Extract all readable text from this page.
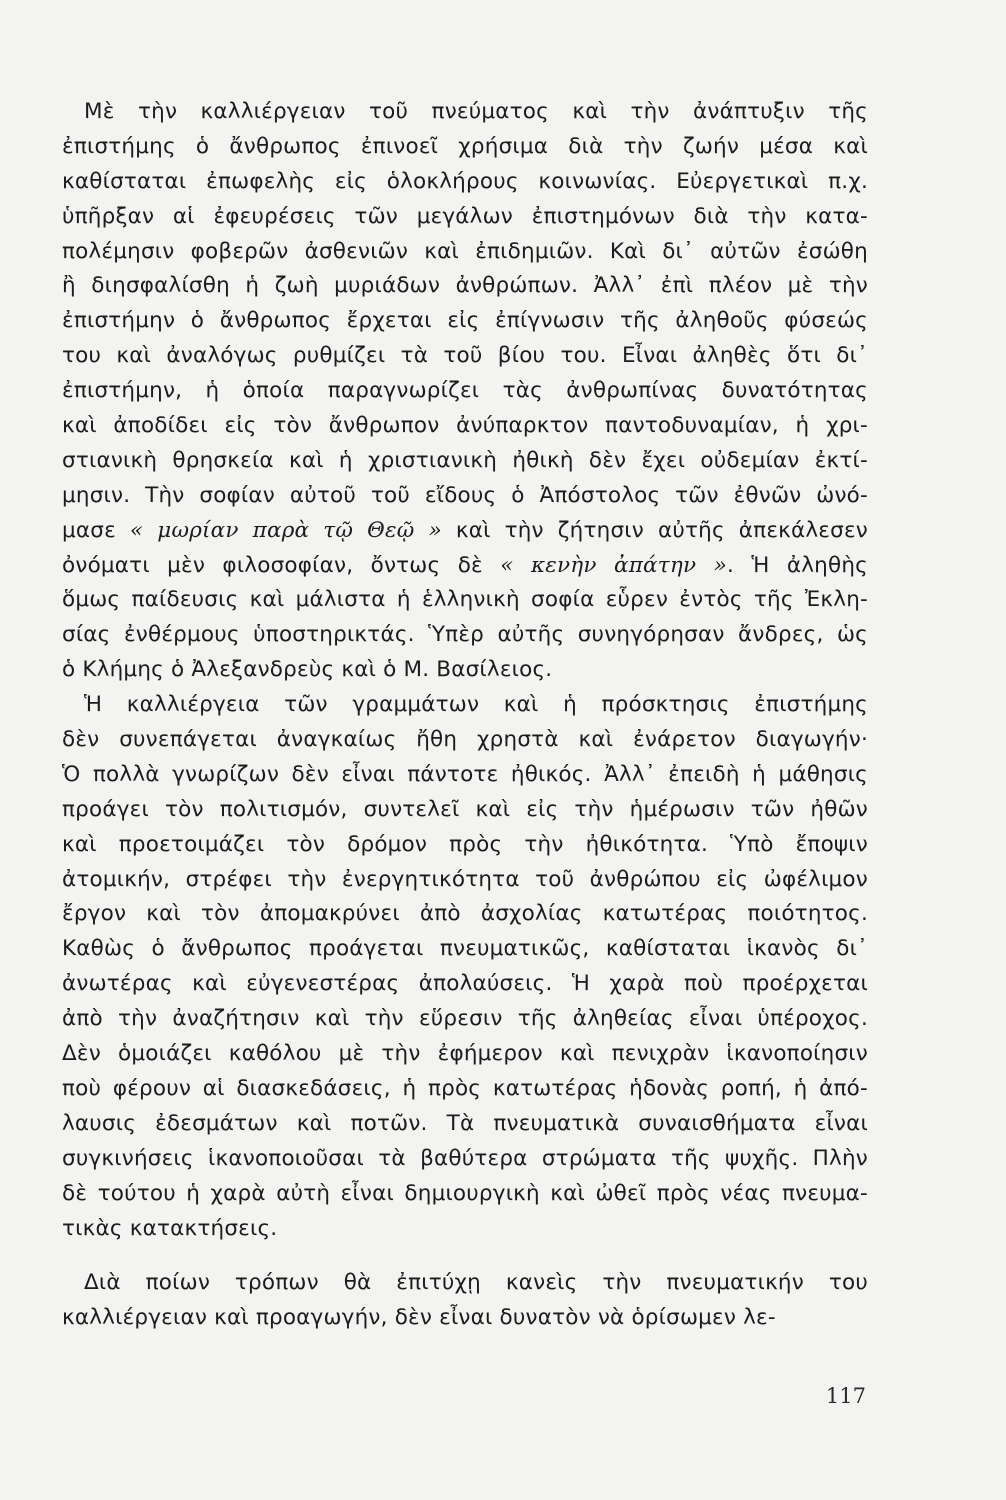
Μὲ τὴν καλλιέργειαν τοῦ πνεύματος καὶ τὴν ἀνάπτυξιν τῆς
ἐπιστήμης ὁ ἄνθρωπος ἐπινοεῖ χρήσιμα διὰ τὴν ζωήν μέσα καὶ
καθίσταται ἐπωφελὴς εἰς ὁλοκλήρους κοινωνίας. Εὐεργετικαὶ π.χ.
ὑπῆρξαν αἱ ἐφευρέσεις τῶν μεγάλων ἐπιστημόνων διὰ τὴν κατα-
πολέμησιν φοβερῶν ἀσθενιῶν καὶ ἐπιδημιῶν. Καὶ δι᾽ αὐτῶν ἐσώθη
ἢ διησφαλίσθη ἡ ζωὴ μυριάδων ἀνθρώπων. Ἀλλ᾽ ἐπὶ πλέον μὲ τὴν
ἐπιστήμην ὁ ἄνθρωπος ἔρχεται εἰς ἐπίγνωσιν τῆς ἀληθοῦς φύσεώς
του καὶ ἀναλόγως ρυθμίζει τὰ τοῦ βίου του. Εἶναι ἀληθὲς ὅτι δι᾽
ἐπιστήμην, ἡ ὁποία παραγνωρίζει τὰς ἀνθρωπίνας δυνατότητας
καὶ ἀποδίδει εἰς τὸν ἄνθρωπον ἀνύπαρκτον παντοδυναμίαν, ἡ χρι-
στιανικὴ θρησκεία καὶ ἡ χριστιανικὴ ἠθικὴ δὲν ἔχει οὐδεμίαν ἐκτί-
μησιν. Τὴν σοφίαν αὐτοῦ τοῦ εἴδους ὁ Ἀπόστολος τῶν ἐθνῶν ὠνό-
μασε « μωρίαν παρὰ τῷ Θεῷ » καὶ τὴν ζήτησιν αὐτῆς ἀπεκάλεσεν
ὀνόματι μὲν φιλοσοφίαν, ὄντως δὲ « κενὴν ἀπάτην ». Ἡ ἀληθὴς
ὅμως παίδευσις καὶ μάλιστα ἡ ἑλληνικὴ σοφία εὗρεν ἐντὸς τῆς Ἐκλη-
σίας ἐνθέρμους ὑποστηρικτάς. Ὑπὲρ αὐτῆς συνηγόρησαν ἄνδρες, ὡς
ὁ Κλήμης ὁ Ἀλεξανδρεὺς καὶ ὁ Μ. Βασίλειος.
Ἡ καλλιέργεια τῶν γραμμάτων καὶ ἡ πρόσκτησις ἐπιστήμης
δὲν συνεπάγεται ἀναγκαίως ἤθη χρηστὰ καὶ ἐνάρετον διαγωγήν·
Ὁ πολλὰ γνωρίζων δὲν εἶναι πάντοτε ἠθικός. Ἀλλ᾽ ἐπειδὴ ἡ μάθησις
προάγει τὸν πολιτισμόν, συντελεῖ καὶ εἰς τὴν ἡμέρωσιν τῶν ἠθῶν
καὶ προετοιμάζει τὸν δρόμον πρὸς τὴν ἠθικότητα. Ὑπὸ ἔποψιν
ἀτομικήν, στρέφει τὴν ἐνεργητικότητα τοῦ ἀνθρώπου εἰς ὠφέλιμον
ἔργον καὶ τὸν ἀπομακρύνει ἀπὸ ἀσχολίας κατωτέρας ποιότητος.
Καθὼς ὁ ἄνθρωπος προάγεται πνευματικῶς, καθίσταται ἱκανὸς δι᾽
ἀνωτέρας καὶ εὐγενεστέρας ἀπολαύσεις. Ἡ χαρὰ ποὺ προέρχεται
ἀπὸ τὴν ἀναζήτησιν καὶ τὴν εὕρεσιν τῆς ἀληθείας εἶναι ὑπέροχος.
Δὲν ὁμοιάζει καθόλου μὲ τὴν ἐφήμερον καὶ πενιχρὰν ἱκανοποίησιν
ποὺ φέρουν αἱ διασκεδάσεις, ἡ πρὸς κατωτέρας ἡδονὰς ροπή, ἡ ἀπό-
λαυσις ἐδεσμάτων καὶ ποτῶν. Τὰ πνευματικὰ συναισθήματα εἶναι
συγκινήσεις ἱκανοποιοῦσαι τὰ βαθύτερα στρώματα τῆς ψυχῆς. Πλὴν
δὲ τούτου ἡ χαρὰ αὐτὴ εἶναι δημιουργικὴ καὶ ὠθεῖ πρὸς νέας πνευμα-
τικὰς κατακτήσεις.
Διὰ ποίων τρόπων θὰ ἐπιτύχῃ κανεὶς τὴν πνευματικήν του
καλλιέργειαν καὶ προαγωγήν, δὲν εἶναι δυνατὸν νὰ ὁρίσωμεν λε-
117
